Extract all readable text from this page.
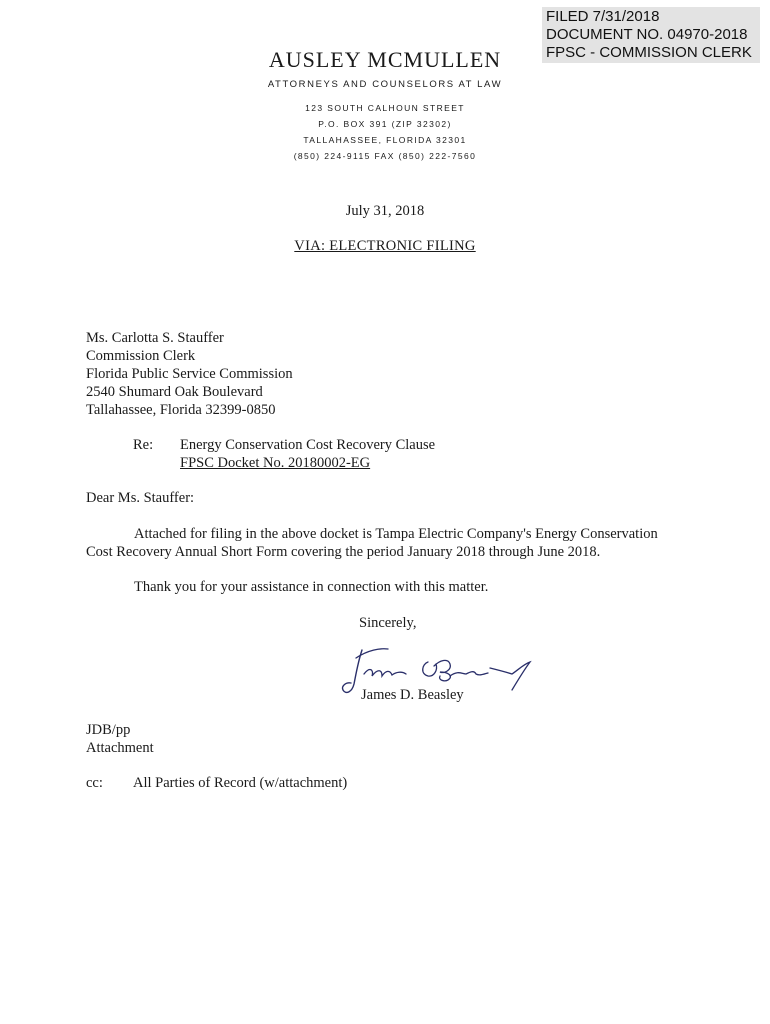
FILED 7/31/2018
DOCUMENT NO. 04970-2018
FPSC - COMMISSION CLERK
AUSLEY MCMULLEN
ATTORNEYS AND COUNSELORS AT LAW
123 SOUTH CALHOUN STREET
P.O. BOX 391 (ZIP 32302)
TALLAHASSEE, FLORIDA 32301
(850) 224-9115 FAX (850) 222-7560
July 31, 2018
VIA: ELECTRONIC FILING
Ms. Carlotta S. Stauffer
Commission Clerk
Florida Public Service Commission
2540 Shumard Oak Boulevard
Tallahassee, Florida 32399-0850
Re: Energy Conservation Cost Recovery Clause
FPSC Docket No. 20180002-EG
Dear Ms. Stauffer:
Attached for filing in the above docket is Tampa Electric Company's Energy Conservation
Cost Recovery Annual Short Form covering the period January 2018 through June 2018.
Thank you for your assistance in connection with this matter.
Sincerely,
James D. Beasley
JDB/pp
Attachment
cc: All Parties of Record (w/attachment)
